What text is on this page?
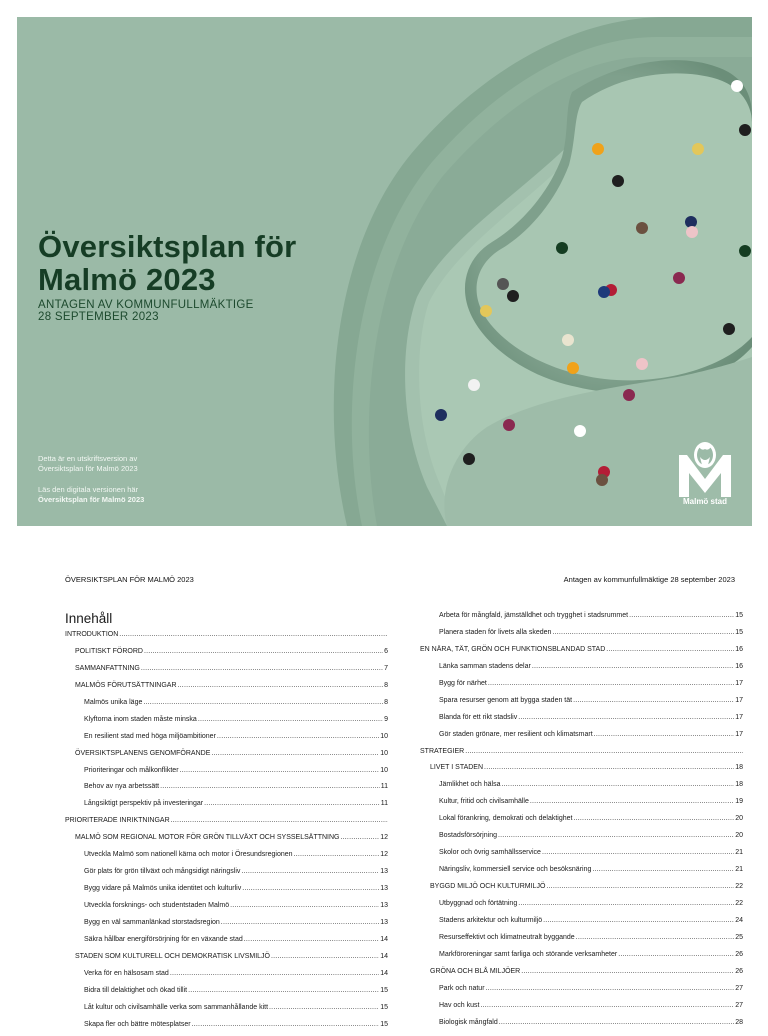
Översiktsplan för
Malmö 2023
ANTAGEN AV KOMMUNFULLMÄKTIGE
28 SEPTEMBER 2023
Detta är en utskriftsversion av
Översiktsplan för Malmö 2023
Läs den digitala versionen här
Översiktsplan för Malmö 2023	Malmö stad
ÖVERSIKTSPLAN FÖR MALMÖ 2023	Antagen av kommunfullmäktige 28 september 2023
Innehåll
INTRODUKTION
.....
POLITISKT FÖRORD .....	6
SAMMANFATTNING .....	7
MALMÖS FÖRUTSÄTTNINGAR .....	8
Malmös unika läge .....	8
Klyftorna inom staden måste minska .....	9
En resilient stad med höga miljöambitioner .....	10
ÖVERSIKTSPLANENS GENOMFÖRANDE .....	10
Prioriteringar och målkonflikter .....	10
Behov av nya arbetssätt .....	11
Långsiktigt perspektiv på investeringar .....	11
PRIORITERADE INRIKTNINGAR
.....
MALMÖ SOM REGIONAL MOTOR FÖR GRÖN TILLVÄXT OCH SYSSELSÄTTNING .....	12
Utveckla Malmö som nationell kärna och motor i Öresundsregionen .....	12
Gör plats för grön tillväxt och mångsidigt näringsliv .....	13
Bygg vidare på Malmös unika identitet och kulturliv .....	13
Utveckla forsknings- och studentstaden Malmö .....	13
Bygg en väl sammanlänkad storstadsregion .....	13
Säkra hållbar energiförsörjning för en växande stad .....	14
STADEN SOM KULTURELL OCH DEMOKRATISK LIVSMILJÖ .....	14
Verka för en hälsosam stad .....	14
Bidra till delaktighet och ökad tillit .....	15
Låt kultur och civilsamhälle verka som sammanhållande kitt .....	15
Skapa fler och bättre mötesplatser .....	15
Arbeta för mångfald, jämställdhet och trygghet i stadsrummet .....	15
Planera staden för livets alla skeden .....	15
EN NÄRA, TÄT, GRÖN OCH FUNKTIONSBLANDAD STAD .....	16
Länka samman stadens delar .....	16
Bygg för närhet .....	17
Spara resurser genom att bygga staden tät .....	17
Blanda för ett rikt stadsliv .....	17
Gör staden grönare, mer resilient och klimatsmart .....	17
STRATEGIER
.....
LIVET I STADEN .....	18
Jämlikhet och hälsa .....	18
Kultur, fritid och civilsamhälle .....	19
Lokal förankring, demokrati och delaktighet .....	20
Bostadsförsörjning .....	20
Skolor och övrig samhällsservice .....	21
Näringsliv, kommersiell service och besöksnäring .....	21
BYGGD MILJÖ OCH KULTURMILJÖ .....	22
Utbyggnad och förtätning .....	22
Stadens arkitektur och kulturmiljö .....	24
Resurseffektivt och klimatneutralt byggande .....	25
Markföroreningar samt farliga och störande verksamheter .....	26
GRÖNA OCH BLÅ MILJÖER .....	26
Park och natur .....	27
Hav och kust .....	27
Biologisk mångfald .....	28
